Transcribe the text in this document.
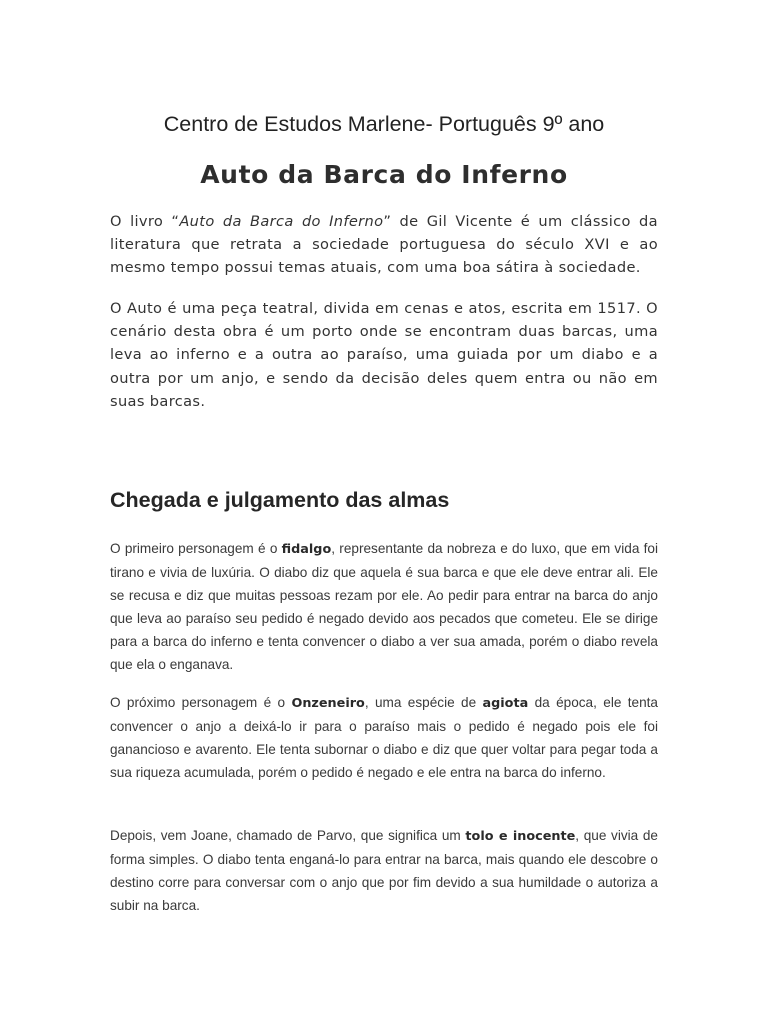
Centro de Estudos Marlene- Português 9º ano
Auto da Barca do Inferno

O livro “Auto da Barca do Inferno” de Gil Vicente é um clássico da literatura que retrata a sociedade portuguesa do século XVI e ao mesmo tempo possui temas atuais, com uma boa sátira à sociedade.

O Auto é uma peça teatral, divida em cenas e atos, escrita em 1517. O cenário desta obra é um porto onde se encontram duas barcas, uma leva ao inferno e a outra ao paraíso, uma guiada por um diabo e a outra por um anjo, e sendo da decisão deles quem entra ou não em suas barcas.

Chegada e julgamento das almas

O primeiro personagem é o fidalgo, representante da nobreza e do luxo, que em vida foi tirano e vivia de luxúria. O diabo diz que aquela é sua barca e que ele deve entrar ali. Ele se recusa e diz que muitas pessoas rezam por ele. Ao pedir para entrar na barca do anjo que leva ao paraíso seu pedido é negado devido aos pecados que cometeu. Ele se dirige para a barca do inferno e tenta convencer o diabo a ver sua amada, porém o diabo revela que ela o enganava.

O próximo personagem é o Onzeneiro, uma espécie de agiota da época, ele tenta convencer o anjo a deixá-lo ir para o paraíso mais o pedido é negado pois ele foi ganancioso e avarento. Ele tenta subornar o diabo e diz que quer voltar para pegar toda a sua riqueza acumulada, porém o pedido é negado e ele entra na barca do inferno.

Depois, vem Joane, chamado de Parvo, que significa um tolo e inocente, que vivia de forma simples. O diabo tenta enganá-lo para entrar na barca, mais quando ele descobre o destino corre para conversar com o anjo que por fim devido a sua humildade o autoriza a subir na barca.
